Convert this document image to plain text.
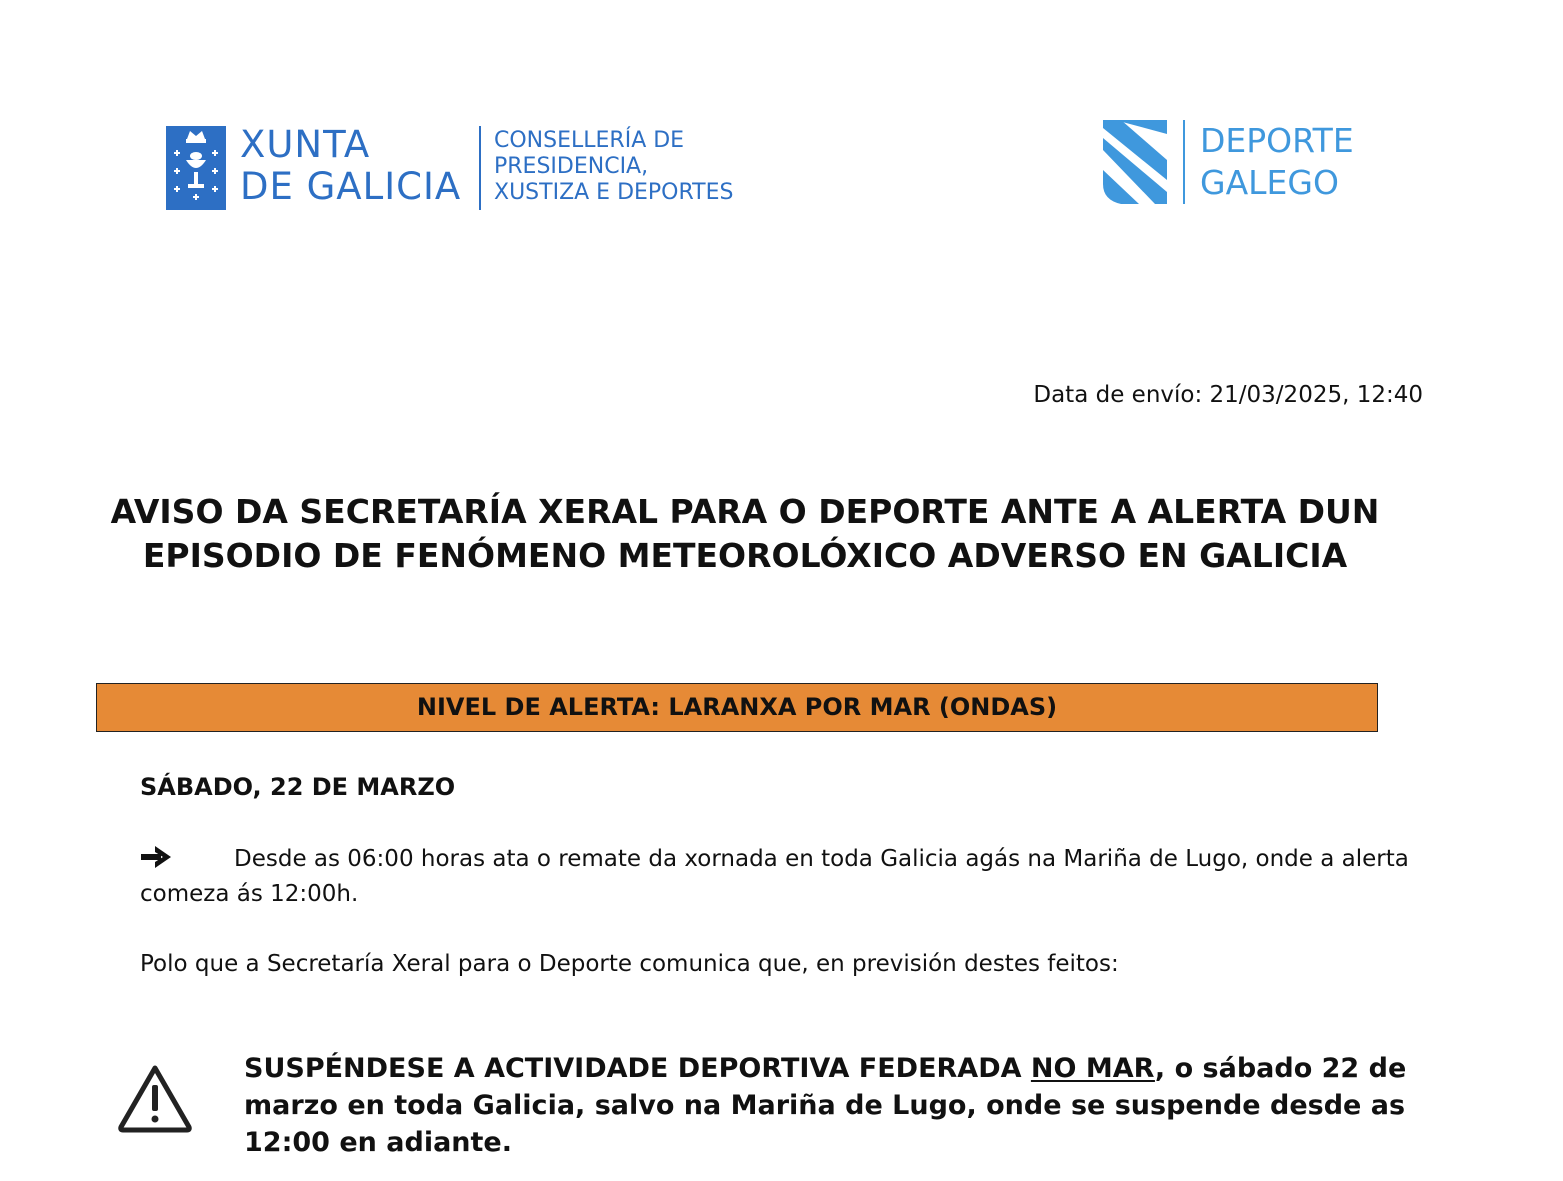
XUNTA
DE GALICIA
CONSELLERÍA DE
PRESIDENCIA,
XUSTIZA E DEPORTES
DEPORTE
GALEGO
Data de envío: 21/03/2025, 12:40
AVISO DA SECRETARÍA XERAL PARA O DEPORTE ANTE A ALERTA DUN
EPISODIO DE FENÓMENO METEOROLÓXICO ADVERSO EN GALICIA
NIVEL DE ALERTA: LARANXA POR MAR (ONDAS)
SÁBADO, 22 DE MARZO
Desde as 06:00 horas ata o remate da xornada en toda Galicia agás na Mariña de Lugo, onde a alerta comeza ás 12:00h.
Polo que a Secretaría Xeral para o Deporte comunica que, en previsión destes feitos:
SUSPÉNDESE A ACTIVIDADE DEPORTIVA FEDERADA NO MAR, o sábado 22 de marzo en toda Galicia, salvo na Mariña de Lugo, onde se suspende desde as 12:00 en adiante.
